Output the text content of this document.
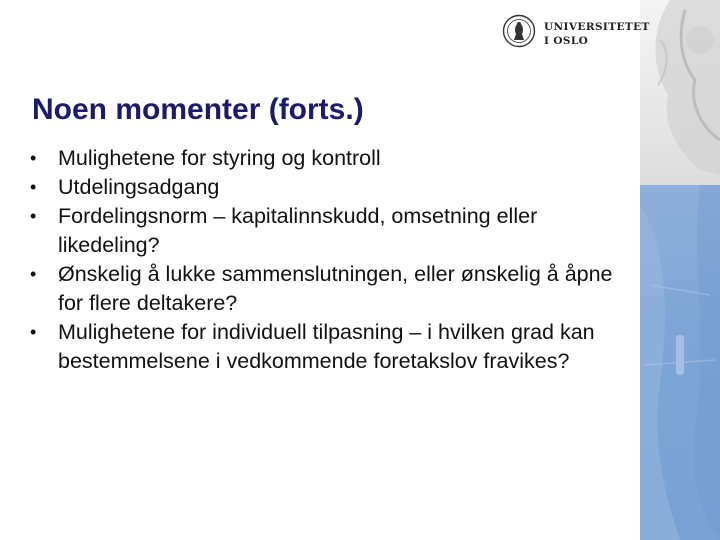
UNIVERSITETET
I OSLO
Noen momenter (forts.)
•	Mulighetene for styring og kontroll
•	Utdelingsadgang
•	Fordelingsnorm – kapitalinnskudd, omsetning eller likedeling?
•	Ønskelig å lukke sammenslutningen, eller ønskelig å åpne for flere deltakere?
•	Mulighetene for individuell tilpasning – i hvilken grad kan bestemmelsene i vedkommende foretakslov fravikes?
